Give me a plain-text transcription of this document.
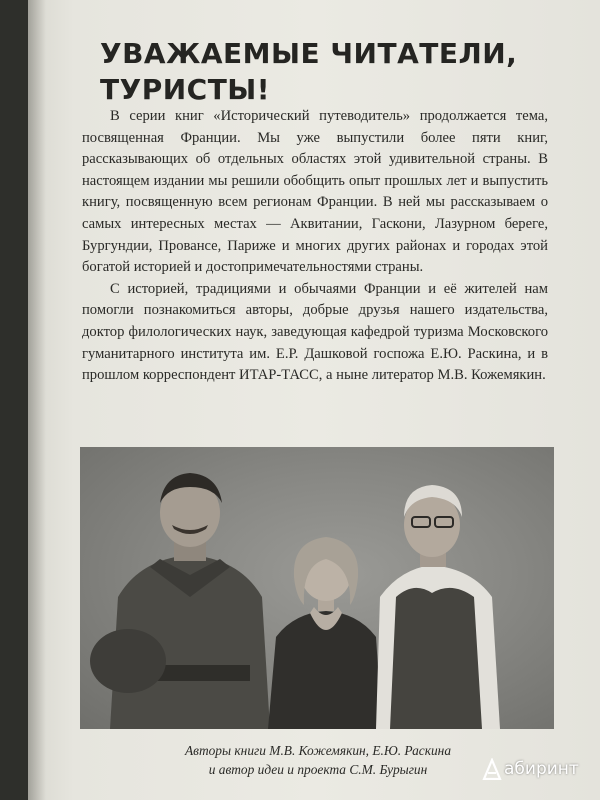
УВАЖАЕМЫЕ ЧИТАТЕЛИ,
ТУРИСТЫ!

В серии книг «Исторический путеводитель» продолжается тема, посвященная Франции. Мы уже выпустили более пяти книг, рассказывающих об отдельных областях этой удивительной страны. В настоящем издании мы решили обобщить опыт прошлых лет и выпустить книгу, посвященную всем регионам Франции. В ней мы рассказываем о самых интересных местах — Аквитании, Гаскони, Лазурном береге, Бургундии, Провансе, Париже и многих других районах и городах этой богатой историей и достопримечательностями страны.

С историей, традициями и обычаями Франции и её жителей нам помогли познакомиться авторы, добрые друзья нашего издательства, доктор филологических наук, заведующая кафедрой туризма Московского гуманитарного института им. Е.Р. Дашковой госпожа Е.Ю. Раскина, и в прошлом корреспондент ИТАР-ТАСС, а ныне литератор М.В. Кожемякин.

Авторы книги М.В. Кожемякин, Е.Ю. Раскина
и автор идеи и проекта С.М. Бурыгин	абиринт
